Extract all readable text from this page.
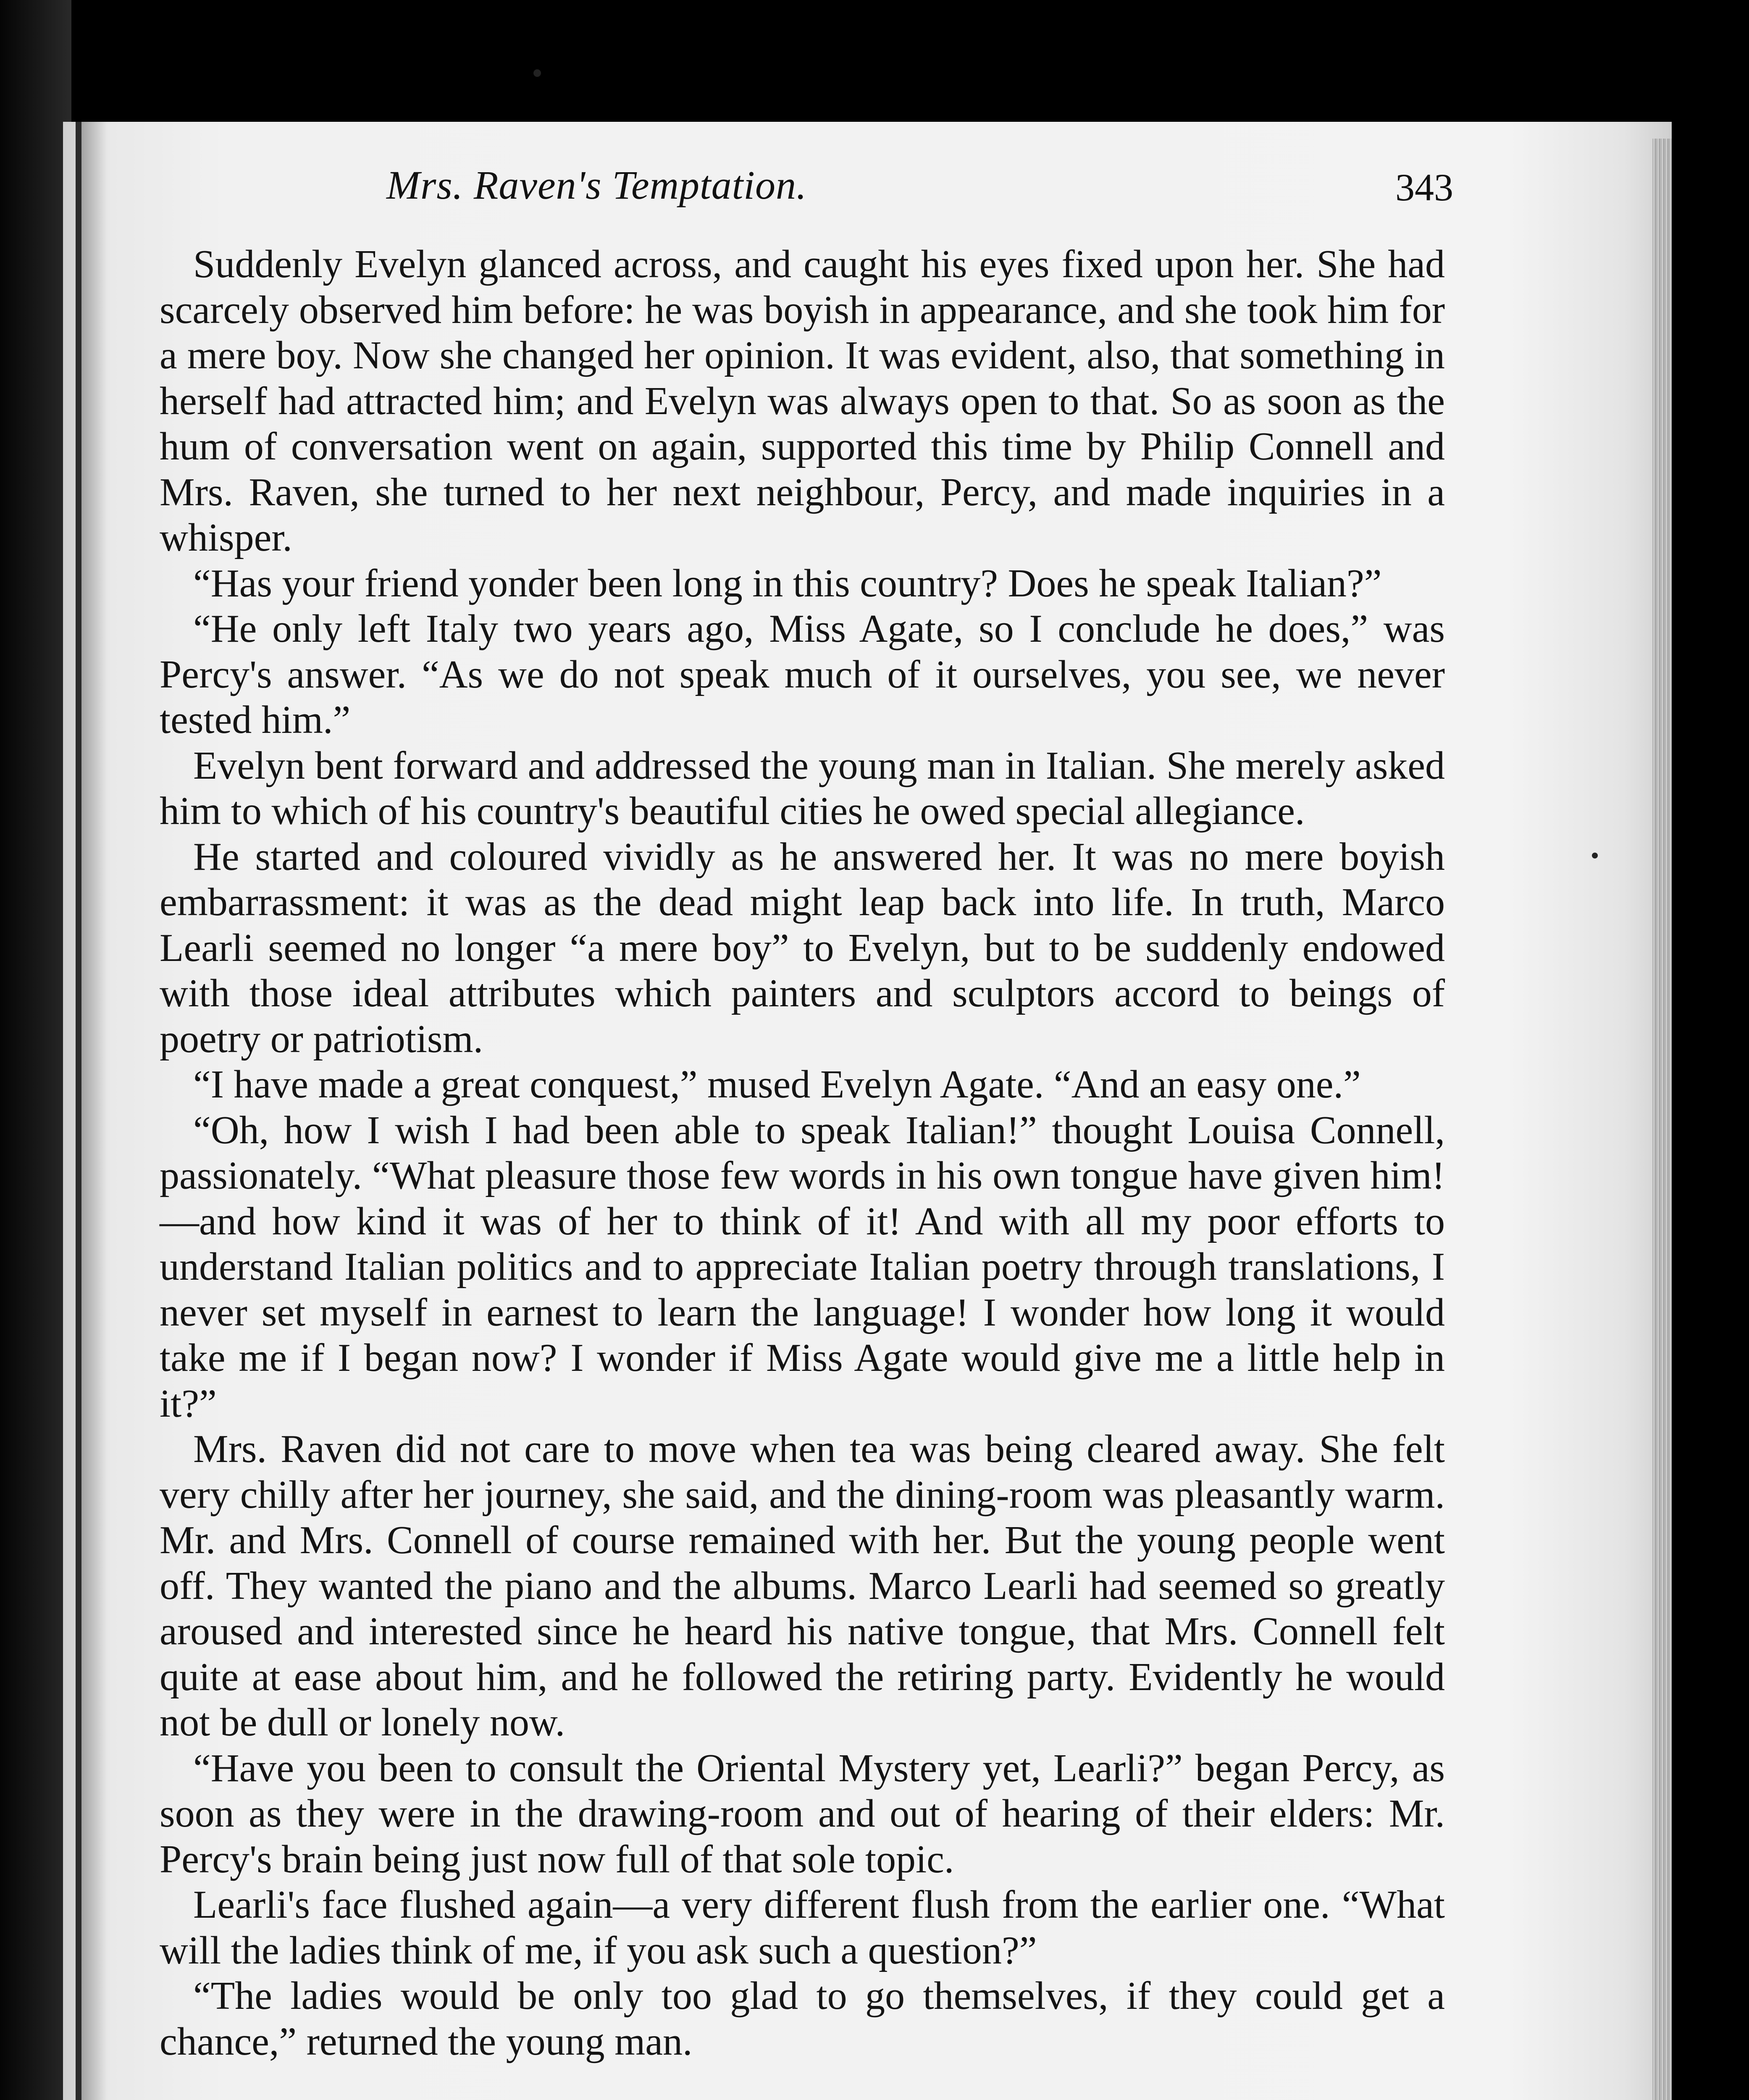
Mrs. Raven's Temptation.	343

Suddenly Evelyn glanced across, and caught his eyes fixed upon her. She had scarcely observed him before: he was boyish in appearance, and she took him for a mere boy. Now she changed her opinion. It was evident, also, that something in herself had attracted him; and Evelyn was always open to that. So as soon as the hum of conversation went on again, supported this time by Philip Connell and Mrs. Raven, she turned to her next neighbour, Percy, and made inquiries in a whisper.

“Has your friend yonder been long in this country? Does he speak Italian?”

“He only left Italy two years ago, Miss Agate, so I conclude he does,” was Percy's answer. “As we do not speak much of it ourselves, you see, we never tested him.”

Evelyn bent forward and addressed the young man in Italian. She merely asked him to which of his country's beautiful cities he owed special allegiance.

He started and coloured vividly as he answered her. It was no mere boyish embarrassment: it was as the dead might leap back into life. In truth, Marco Learli seemed no longer “a mere boy” to Evelyn, but to be suddenly endowed with those ideal attributes which painters and sculptors accord to beings of poetry or patriotism.

“I have made a great conquest,” mused Evelyn Agate. “And an easy one.”

“Oh, how I wish I had been able to speak Italian!” thought Louisa Connell, passionately. “What pleasure those few words in his own tongue have given him!—and how kind it was of her to think of it! And with all my poor efforts to understand Italian politics and to appreciate Italian poetry through translations, I never set myself in earnest to learn the language! I wonder how long it would take me if I began now? I wonder if Miss Agate would give me a little help in it?”

Mrs. Raven did not care to move when tea was being cleared away. She felt very chilly after her journey, she said, and the dining-room was pleasantly warm. Mr. and Mrs. Connell of course remained with her. But the young people went off. They wanted the piano and the albums. Marco Learli had seemed so greatly aroused and interested since he heard his native tongue, that Mrs. Connell felt quite at ease about him, and he followed the retiring party. Evidently he would not be dull or lonely now.

“Have you been to consult the Oriental Mystery yet, Learli?” began Percy, as soon as they were in the drawing-room and out of hearing of their elders: Mr. Percy's brain being just now full of that sole topic.

Learli's face flushed again—a very different flush from the earlier one. “What will the ladies think of me, if you ask such a question?”

“The ladies would be only too glad to go themselves, if they could get a chance,” returned the young man.
